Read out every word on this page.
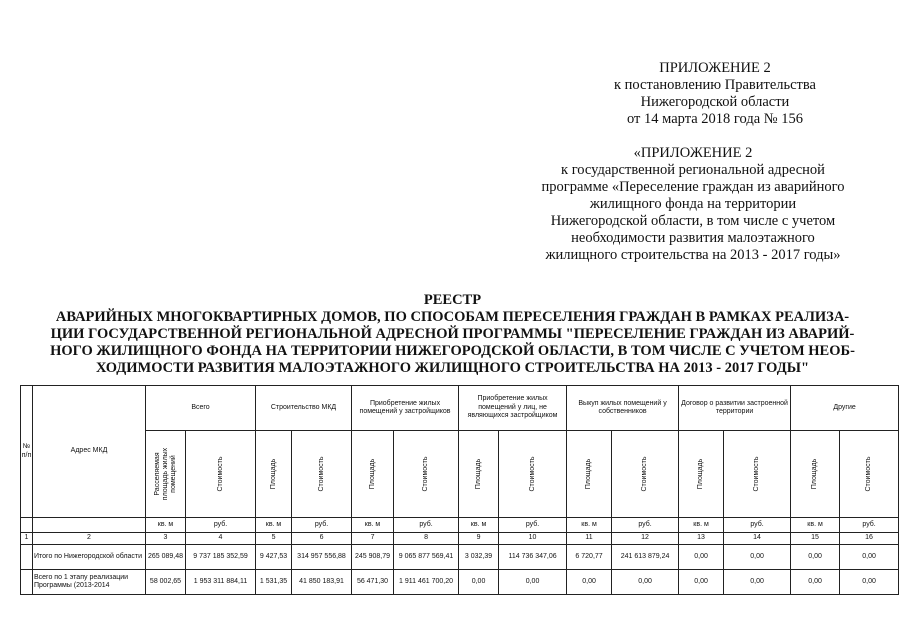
ПРИЛОЖЕНИЕ 2
к постановлению Правительства
Нижегородской области
от 14 марта 2018 года № 156
«ПРИЛОЖЕНИЕ 2
к государственной региональной адресной
программе «Переселение граждан из аварийного
жилищного фонда на территории
Нижегородской области, в том числе с учетом
необходимости развития малоэтажного
жилищного строительства на 2013 - 2017 годы»
РЕЕСТР
АВАРИЙНЫХ МНОГОКВАРТИРНЫХ ДОМОВ, ПО СПОСОБАМ ПЕРЕСЕЛЕНИЯ ГРАЖДАН В РАМКАХ РЕАЛИЗА-
ЦИИ ГОСУДАРСТВЕННОЙ РЕГИОНАЛЬНОЙ АДРЕСНОЙ ПРОГРАММЫ "ПЕРЕСЕЛЕНИЕ ГРАЖДАН ИЗ АВАРИЙ-
НОГО ЖИЛИЩНОГО ФОНДА НА ТЕРРИТОРИИ НИЖЕГОРОДСКОЙ ОБЛАСТИ, В ТОМ ЧИСЛЕ С УЧЕТОМ НЕОБ-
ХОДИМОСТИ РАЗВИТИЯ МАЛОЭТАЖНОГО ЖИЛИЩНОГО СТРОИТЕЛЬСТВА НА 2013 - 2017 ГОДЫ"
№ п/п	Адрес МКД	Всего		Строительство МКД		Приобретение жилых помещений у застройщиков		Приобретение жилых помещений у лиц, не являющихся застройщиком		Выкуп жилых помещений у собственников		Договор о развитии застроенной территории		Другие	

		Расселяемая площадь жилых помещений	Стоимость	Площадь	Стоимость	Площадь	Стоимость	Площадь	Стоимость	Площадь	Стоимость	Площадь	Стоимость	Площадь	Стоимость

		кв. м	руб.	кв. м	руб.	кв. м	руб.	кв. м	руб.	кв. м	руб.	кв. м	руб.	кв. м	руб.
1	2	3	4	5	6	7	8	9	10	11	12	13	14	15	16
	Итого по Нижегородской области	265 089,48	9 737 185 352,59	9 427,53	314 957 556,88	245 908,79	9 065 877 569,41	3 032,39	114 736 347,06	6 720,77	241 613 879,24	0,00	0,00	0,00	0,00
	Всего по 1 этапу реализации Программы (2013-2014	58 002,65	1 953 311 884,11	1 531,35	41 850 183,91	56 471,30	1 911 461 700,20	0,00	0,00	0,00	0,00	0,00	0,00	0,00	0,00
